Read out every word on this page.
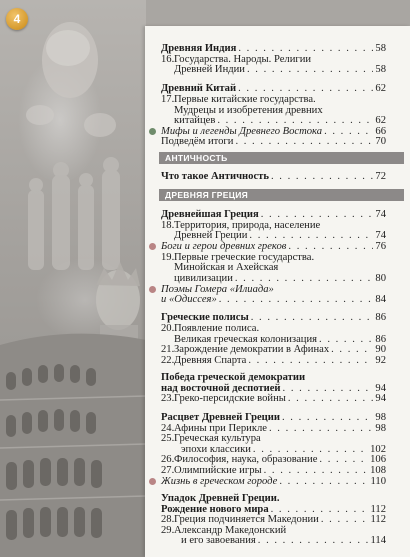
4
Древняя Индия . . .	58
16.Государства. Народы. Религии
Древней Индии . . .	58
Древний Китай . . .	62
17.Первые китайские государства.
Мудрецы и изобретения древних
китайцев . . .	62
Мифы и легенды Древнего Востока . . .	66
Подведём итоги . . .	70
АНТИЧНОСТЬ
Что такое Античность . . .	72
ДРЕВНЯЯ ГРЕЦИЯ
Древнейшая Греция . . .	74
18.Территория, природа, население
Древней Греции . . .	74
Боги и герои древних греков . . .	76
19.Первые греческие государства.
Минойская и Ахейская
цивилизации . . .	80
Поэмы Гомера «Илиада»
и «Одиссея» . . .	84
Греческие полисы . . .	86
20.Появление полиса.
Великая греческая колонизация . . .	86
21.Зарождение демократии в Афинах . . .	90
22.Древняя Спарта . . .	92
Победа греческой демократии
над восточной деспотией . . .	94
23.Греко-персидские войны . . .	94
Расцвет Древней Греции . . .	98
24.Афины при Перикле . . .	98
25.Греческая культура
эпохи классики . . .	102
26.Философия, наука, образование . . .	106
27.Олимпийские игры . . .	108
Жизнь в греческом городе . . .	110
Упадок Древней Греции.
Рождение нового мира . . .	112
28.Греция подчиняется Македонии . . .	112
29.Александр Македонский
и его завоевания . . .	114
